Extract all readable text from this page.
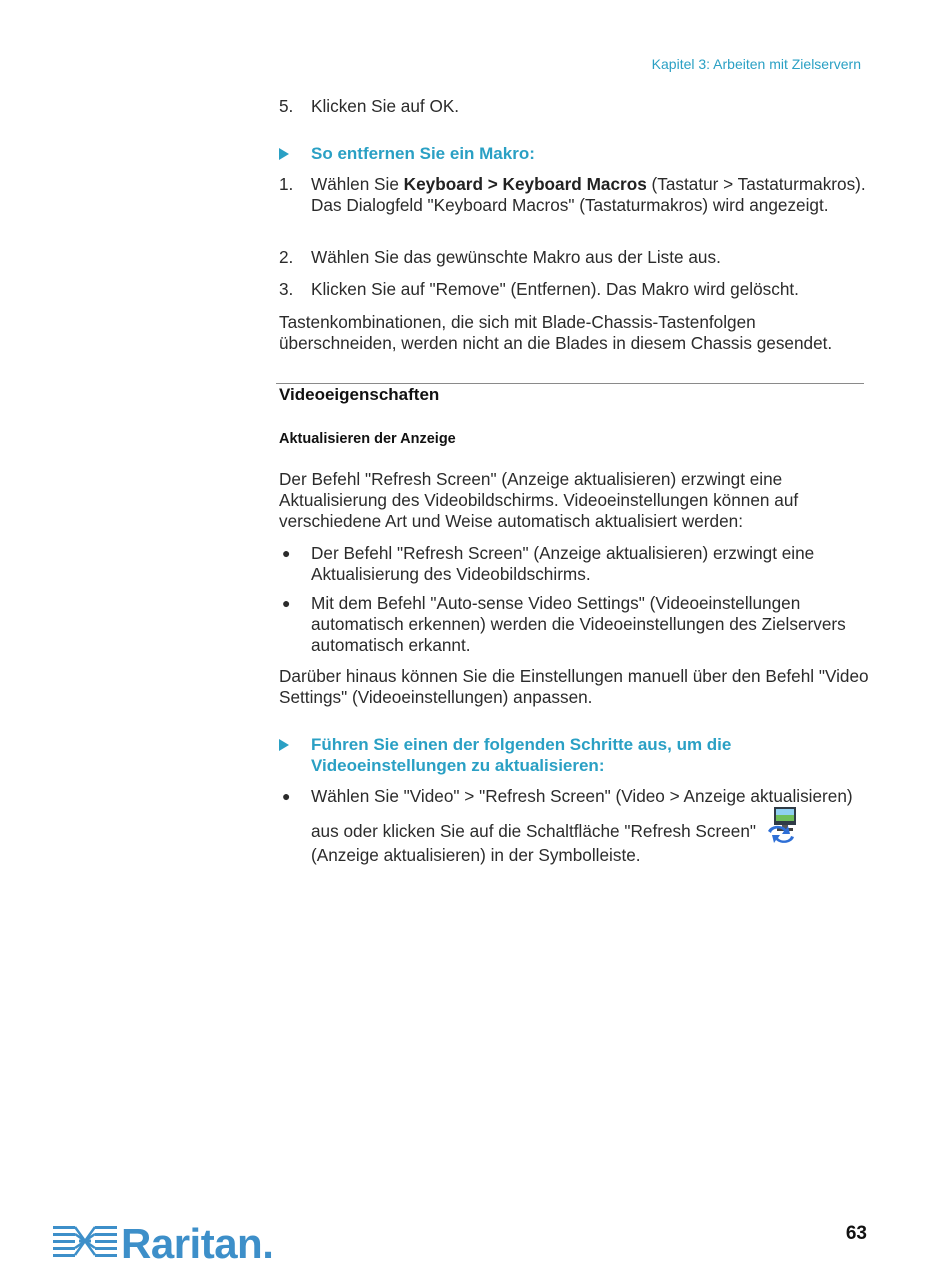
Kapitel 3: Arbeiten mit Zielservern
5. Klicken Sie auf OK.
So entfernen Sie ein Makro:
1. Wählen Sie Keyboard > Keyboard Macros (Tastatur > Tastaturmakros). Das Dialogfeld "Keyboard Macros" (Tastaturmakros) wird angezeigt.
2. Wählen Sie das gewünschte Makro aus der Liste aus.
3. Klicken Sie auf "Remove" (Entfernen). Das Makro wird gelöscht.
Tastenkombinationen, die sich mit Blade-Chassis-Tastenfolgen überschneiden, werden nicht an die Blades in diesem Chassis gesendet.
Videoeigenschaften
Aktualisieren der Anzeige
Der Befehl "Refresh Screen" (Anzeige aktualisieren) erzwingt eine Aktualisierung des Videobildschirms. Videoeinstellungen können auf verschiedene Art und Weise automatisch aktualisiert werden:
● Der Befehl "Refresh Screen" (Anzeige aktualisieren) erzwingt eine Aktualisierung des Videobildschirms.
● Mit dem Befehl "Auto-sense Video Settings" (Videoeinstellungen automatisch erkennen) werden die Videoeinstellungen des Zielservers automatisch erkannt.
Darüber hinaus können Sie die Einstellungen manuell über den Befehl "Video Settings" (Videoeinstellungen) anpassen.
Führen Sie einen der folgenden Schritte aus, um die Videoeinstellungen zu aktualisieren:
● Wählen Sie "Video" > "Refresh Screen" (Video > Anzeige aktualisieren) aus oder klicken Sie auf die Schaltfläche "Refresh Screen" (Anzeige aktualisieren) in der Symbolleiste.
Raritan.	63
